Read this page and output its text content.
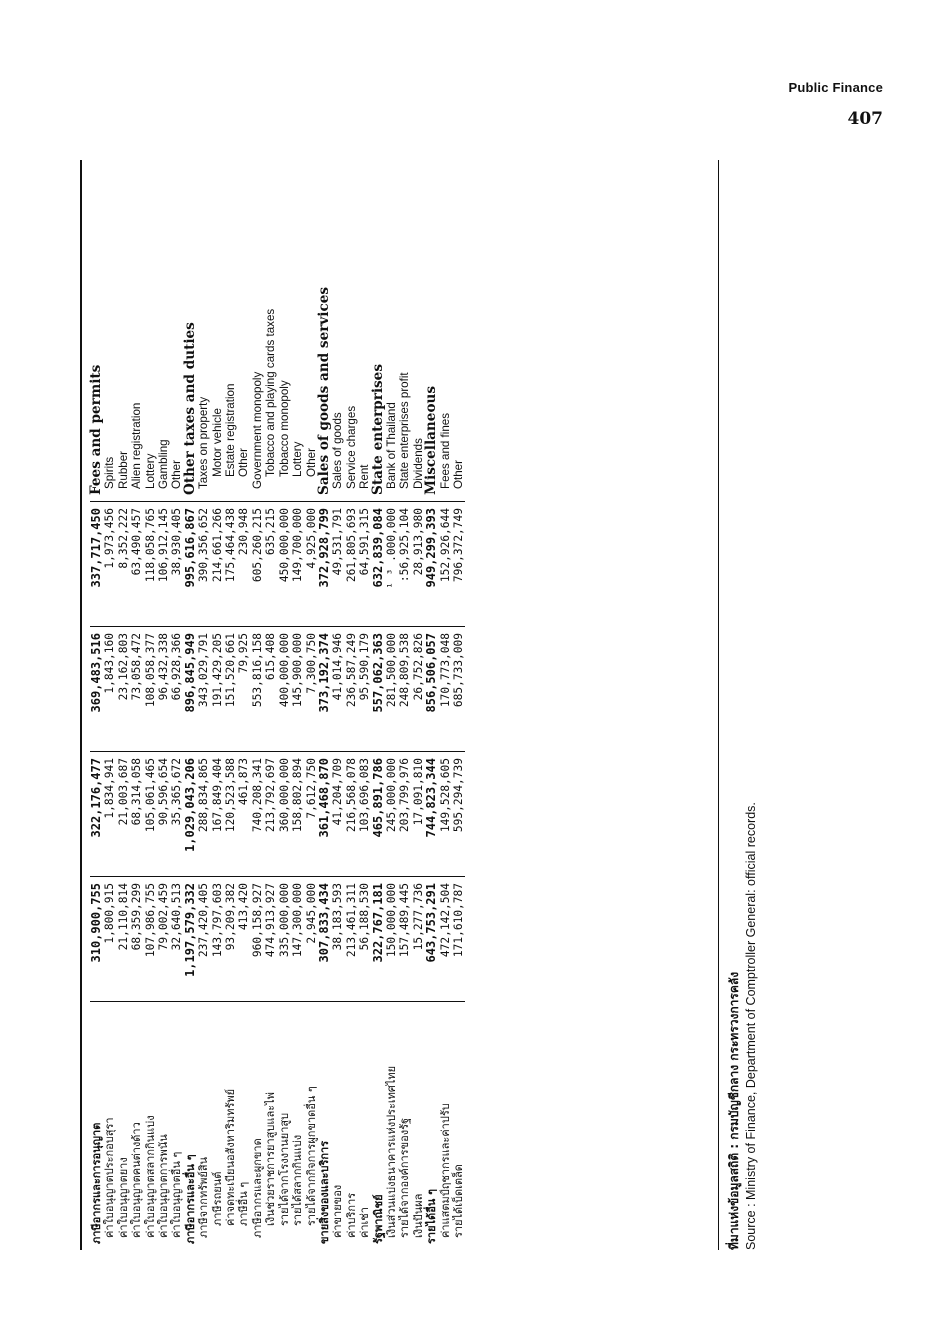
Public Finance
407
ภาษีอากรและการอนุญาต	310,900,755	322,176,477	369,483,516	337,717,450	Fees and permits
ค่าใบอนุญาตประกอบสุรา	1,800,915	1,834,941	1,843,160	1,973,456	Spirits
ค่าใบอนุญาตยาง	21,110,814	21,003,687	23,162,803	8,352,222	Rubber
ค่าใบอนุญาตคนต่างด้าว	68,359,299	68,314,058	73,058,472	63,490,457	Alien registration
ค่าใบอนุญาตสลากกินแบ่ง	107,986,755	105,061,465	108,058,377	118,058,765	Lottery
ค่าใบอนุญาตการพนัน	79,002,459	90,596,654	96,432,338	106,912,145	Gambling
ค่าใบอนุญาตอื่น ๆ	32,640,513	35,365,672	66,928,366	38,930,405	Other
ภาษีอากรและอื่น ๆ	1,197,579,332	1,029,043,206	896,845,949	995,616,867	Other taxes and duties
ภาษีจากทรัพย์สิน	237,420,405	288,834,865	343,029,791	390,356,652	Taxes on property
ภาษีรถยนต์	143,797,603	167,849,404	191,429,205	214,661,266	Motor vehicle
ค่าจดทะเบียนอสังหาริมทรัพย์	93,209,382	120,523,588	151,520,661	175,464,438	Estate registration
ภาษีอื่น ๆ	413,420	461,873	79,925	230,948	Other
ภาษีอากรและผูกขาด	960,158,927	740,208,341	553,816,158	605,260,215	Government monopoly
เงินช่วยราชการยาสูบและไพ่	474,913,927	213,792,697	615,408	635,215	Tobacco and playing cards taxes
รายได้จากโรงงานยาสูบ	335,000,000	360,000,000	400,000,000	450,000,000	Tobacco monopoly
รายได้สลากกินแบ่ง	147,300,000	158,802,894	145,900,000	149,700,000	Lottery
รายได้จากกิจการผูกขาดอื่น ๆ	2,945,000	7,612,750	7,300,750	4,925,000	Other
ขายสิ่งของและบริการ	307,833,434	361,468,870	373,192,374	372,928,799	Sales of goods and services
ค่าขายของ	38,183,593	41,204,709	41,014,946	49,531,791	Sales of goods
ค่าบริการ	213,461,311	216,568,078	236,587,249	261,805,693	Service charges
ค่าเช่า	56,188,530	103,696,083	95,590,179	64,591,315	Rent
รัฐพาณิชย์	322,767,181	465,891,786	557,062,363	632,839,084	State enterprises
เงินส่วนแบ่งธนาคารแห่งประเทศไทย	150,000,000	245,000,000	281,500,000	¹ ³ .000,000	Bank of Thailand
รายได้จากองค์การของรัฐ	157,489,445	203,799,976	248,809,538	:56,925,104	State enterprises profit
เงินปันผล	15,277,736	17,091,810	26,752,826	28,913,980	Dividends
รายได้อื่น ๆ	643,753,291	744,823,344	856,506,057	949,299,393	Miscellaneous
ค่าแสตมป์ฤชากรและค่าปรับ	472,142,504	149,528,605	170,773,048	152,926,644	Fees and fines
รายได้เบ็ดเตล็ด	171,610,787	595,294,739	685,733,009	796,372,749	Other
ที่มาแห่งข้อมูลสถิติ : กรมบัญชีกลาง กระทรวงการคลัง Source : Ministry of Finance, Department of Comptroller General: official records.
